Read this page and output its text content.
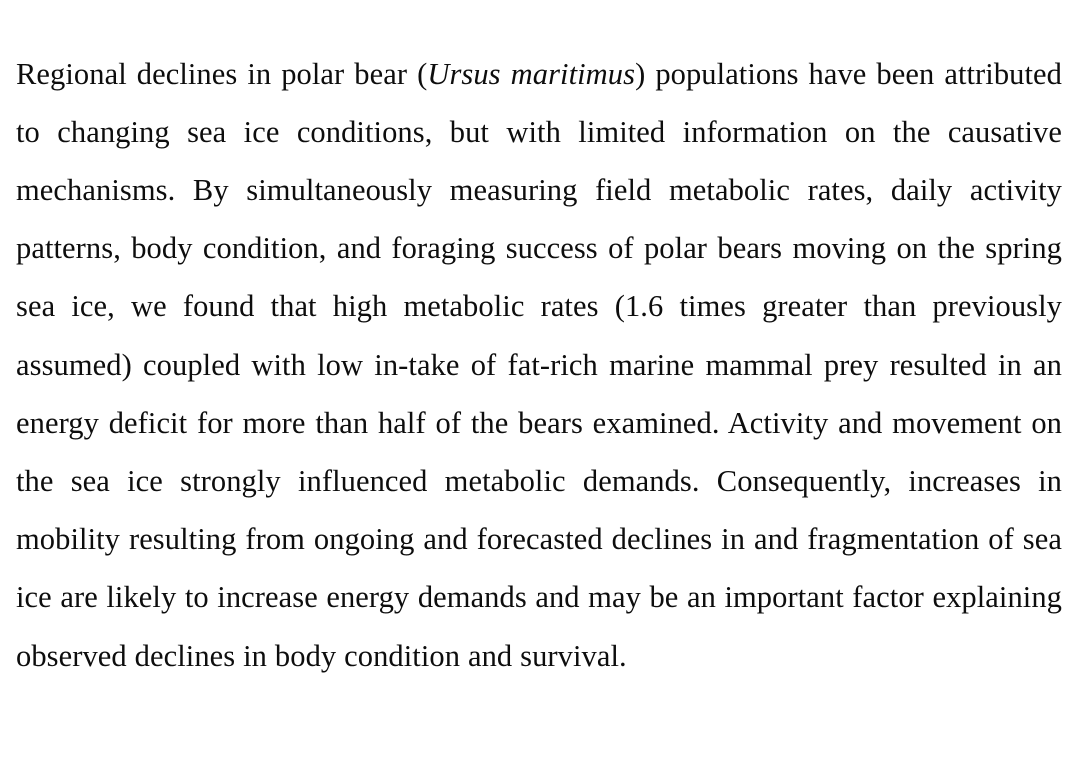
Regional declines in polar bear (Ursus maritimus) populations have been attributed to changing sea ice conditions, but with limited information on the causative mechanisms. By simultaneously measuring field metabolic rates, daily activity patterns, body condition, and foraging success of polar bears moving on the spring sea ice, we found that high metabolic rates (1.6 times greater than previously assumed) coupled with low in-take of fat-rich marine mammal prey resulted in an energy deficit for more than half of the bears examined. Activity and movement on the sea ice strongly influenced metabolic demands. Consequently, increases in mobility resulting from ongoing and forecasted declines in and fragmentation of sea ice are likely to increase energy demands and may be an important factor explaining observed declines in body condition and survival.
